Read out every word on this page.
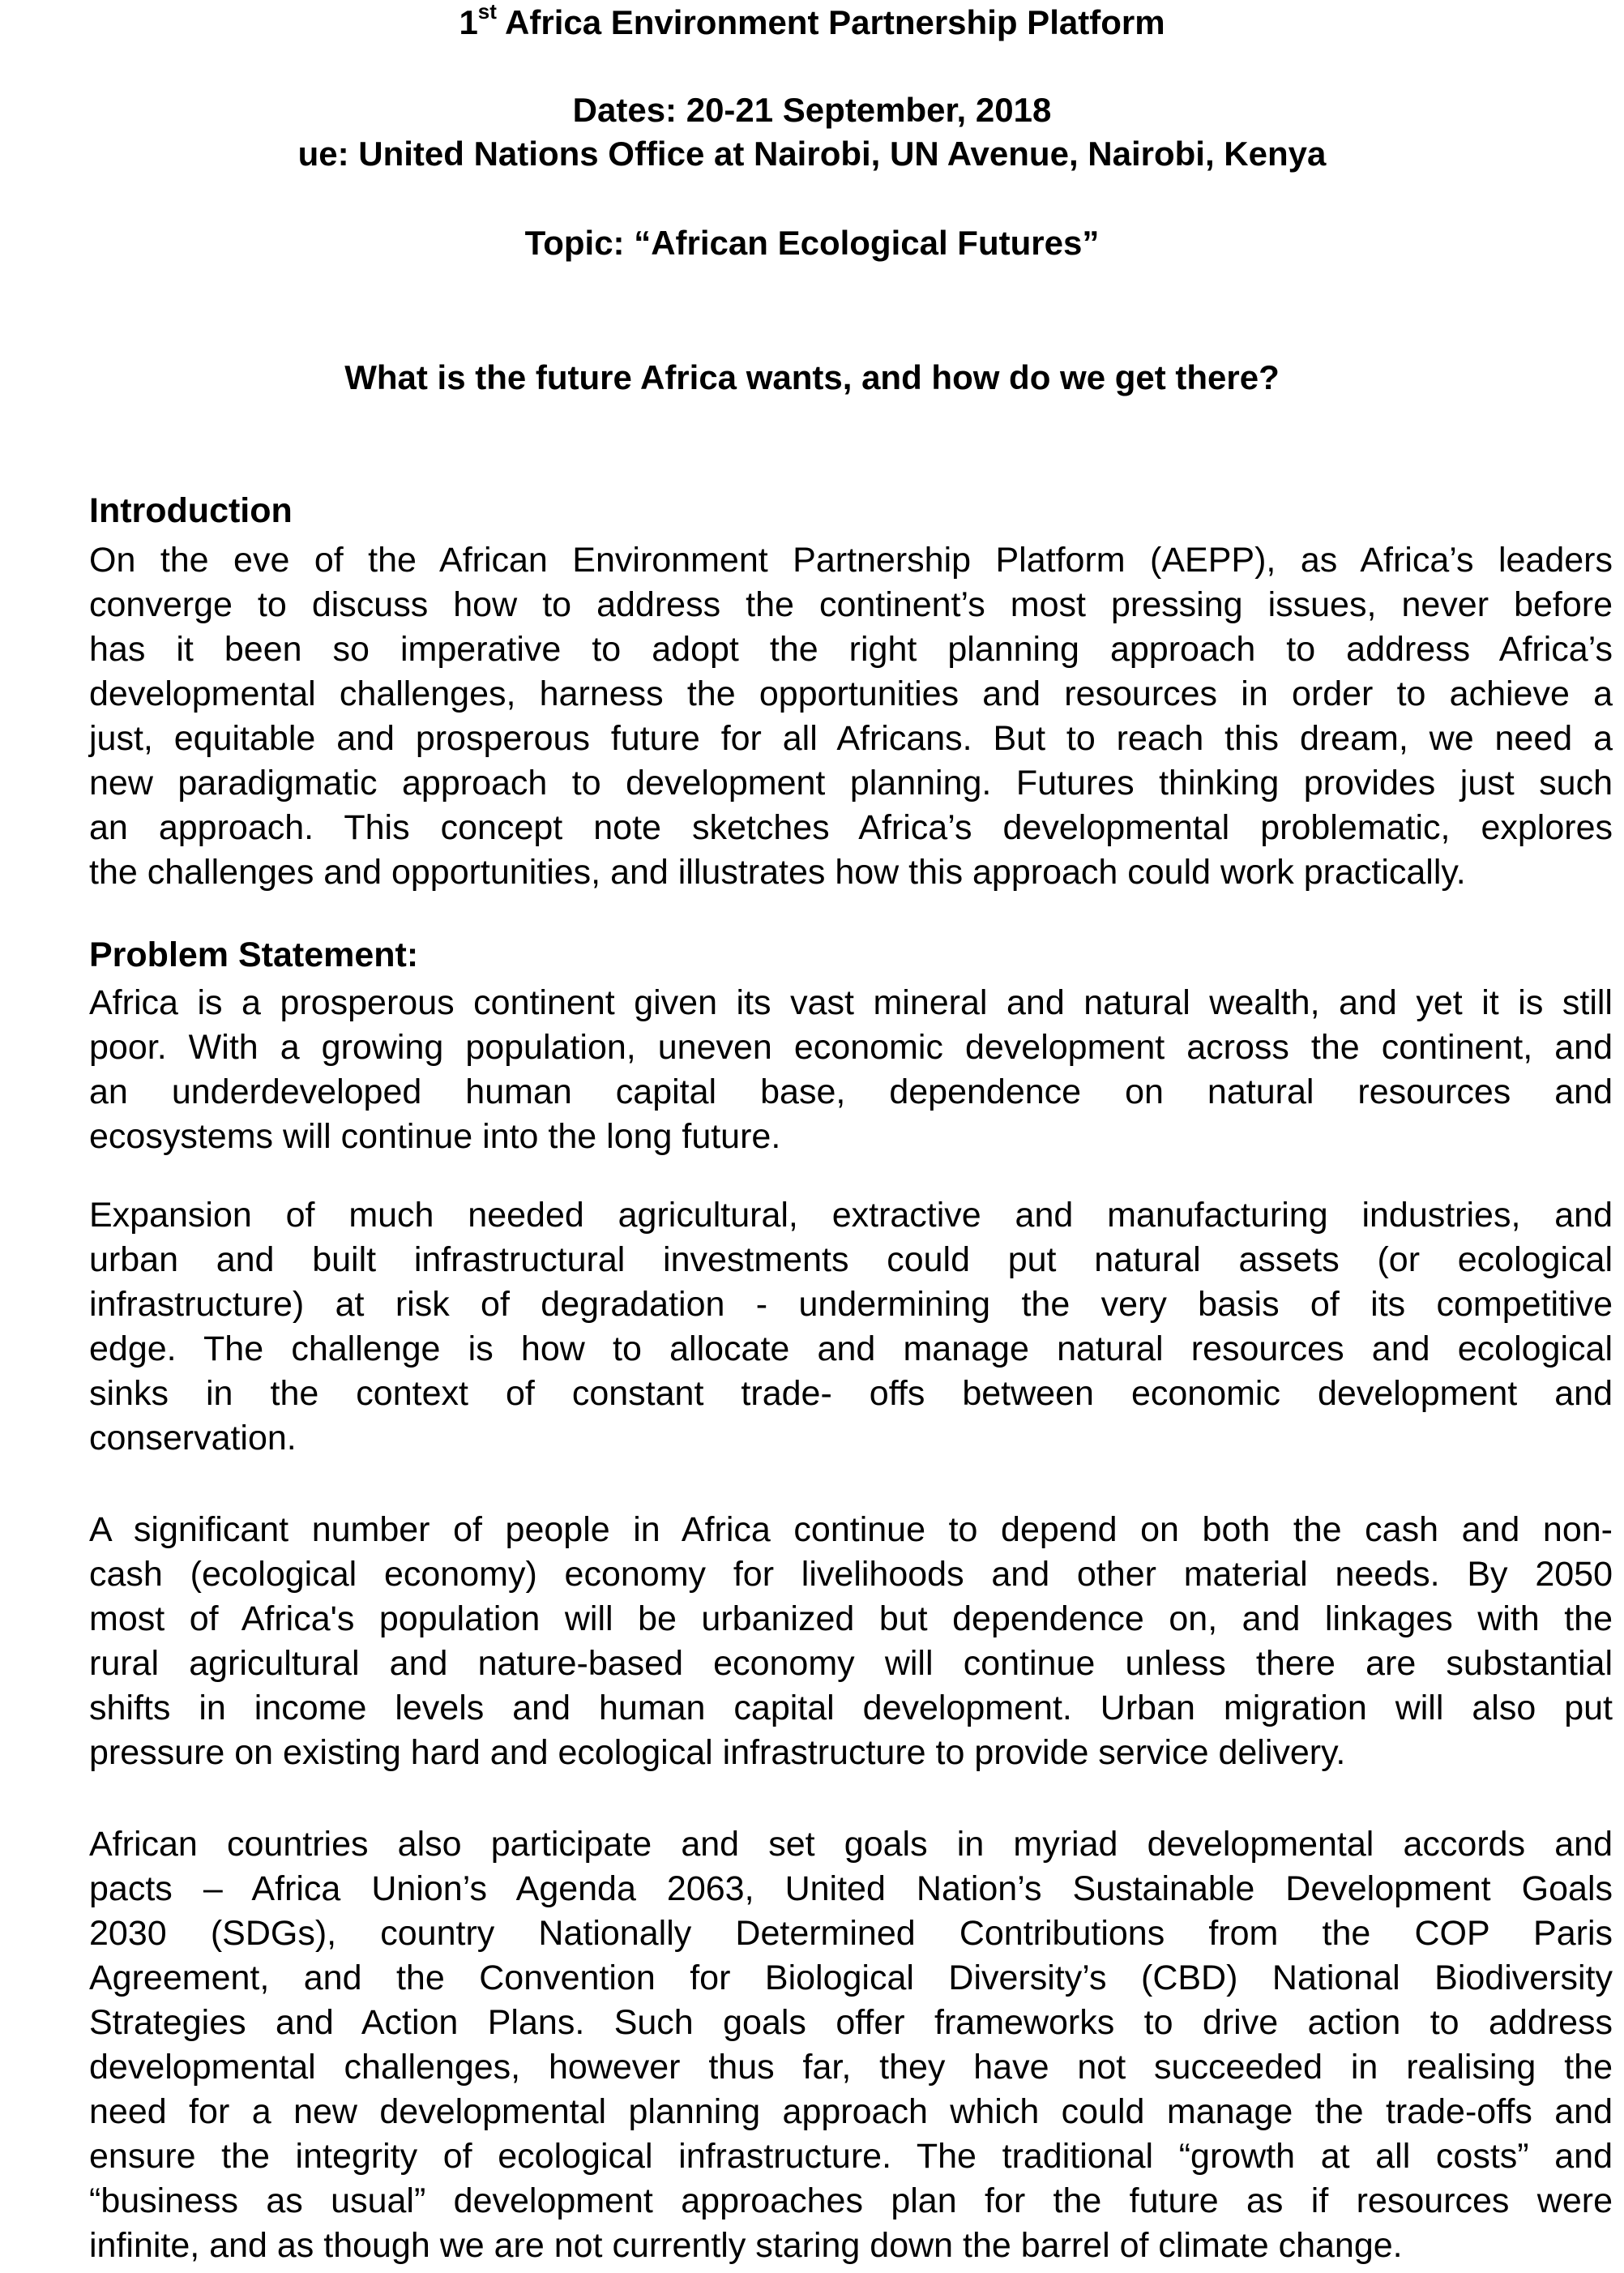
1st Africa Environment Partnership Platform
Dates: 20-21 September, 2018
ue: United Nations Office at Nairobi, UN Avenue, Nairobi, Kenya
Topic: “African Ecological Futures”
What is the future Africa wants, and how do we get there?
Introduction
On the eve of the African Environment Partnership Platform (AEPP), as Africa’s leaders
converge to discuss how to address the continent’s most pressing issues, never before
has it been so imperative to adopt the right planning approach to address Africa’s
developmental challenges, harness the opportunities and resources in order to achieve a
just, equitable and prosperous future for all Africans. But to reach this dream, we need a
new paradigmatic approach to development planning. Futures thinking provides just such
an approach. This concept note sketches Africa’s developmental problematic, explores
the challenges and opportunities, and illustrates how this approach could work practically.
Problem Statement:
Africa is a prosperous continent given its vast mineral and natural wealth, and yet it is still
poor. With a growing population, uneven economic development across the continent, and
an underdeveloped human capital base, dependence on natural resources and
ecosystems will continue into the long future.
Expansion of much needed agricultural, extractive and manufacturing industries, and
urban and built infrastructural investments could put natural assets (or ecological
infrastructure) at risk of degradation - undermining the very basis of its competitive
edge. The challenge is how to allocate and manage natural resources and ecological
sinks in the context of constant trade- offs between economic development and
conservation.
A significant number of people in Africa continue to depend on both the cash and non-
cash (ecological economy) economy for livelihoods and other material needs. By 2050
most of Africa's population will be urbanized but dependence on, and linkages with the
rural agricultural and nature-based economy will continue unless there are substantial
shifts in income levels and human capital development. Urban migration will also put
pressure on existing hard and ecological infrastructure to provide service delivery.
African countries also participate and set goals in myriad developmental accords and
pacts – Africa Union’s Agenda 2063, United Nation’s Sustainable Development Goals
2030 (SDGs), country Nationally Determined Contributions from the COP Paris
Agreement, and the Convention for Biological Diversity’s (CBD) National Biodiversity
Strategies and Action Plans. Such goals offer frameworks to drive action to address
developmental challenges, however thus far, they have not succeeded in realising the
need for a new developmental planning approach which could manage the trade-offs and
ensure the integrity of ecological infrastructure. The traditional “growth at all costs” and
“business as usual” development approaches plan for the future as if resources were
infinite, and as though we are not currently staring down the barrel of climate change.
